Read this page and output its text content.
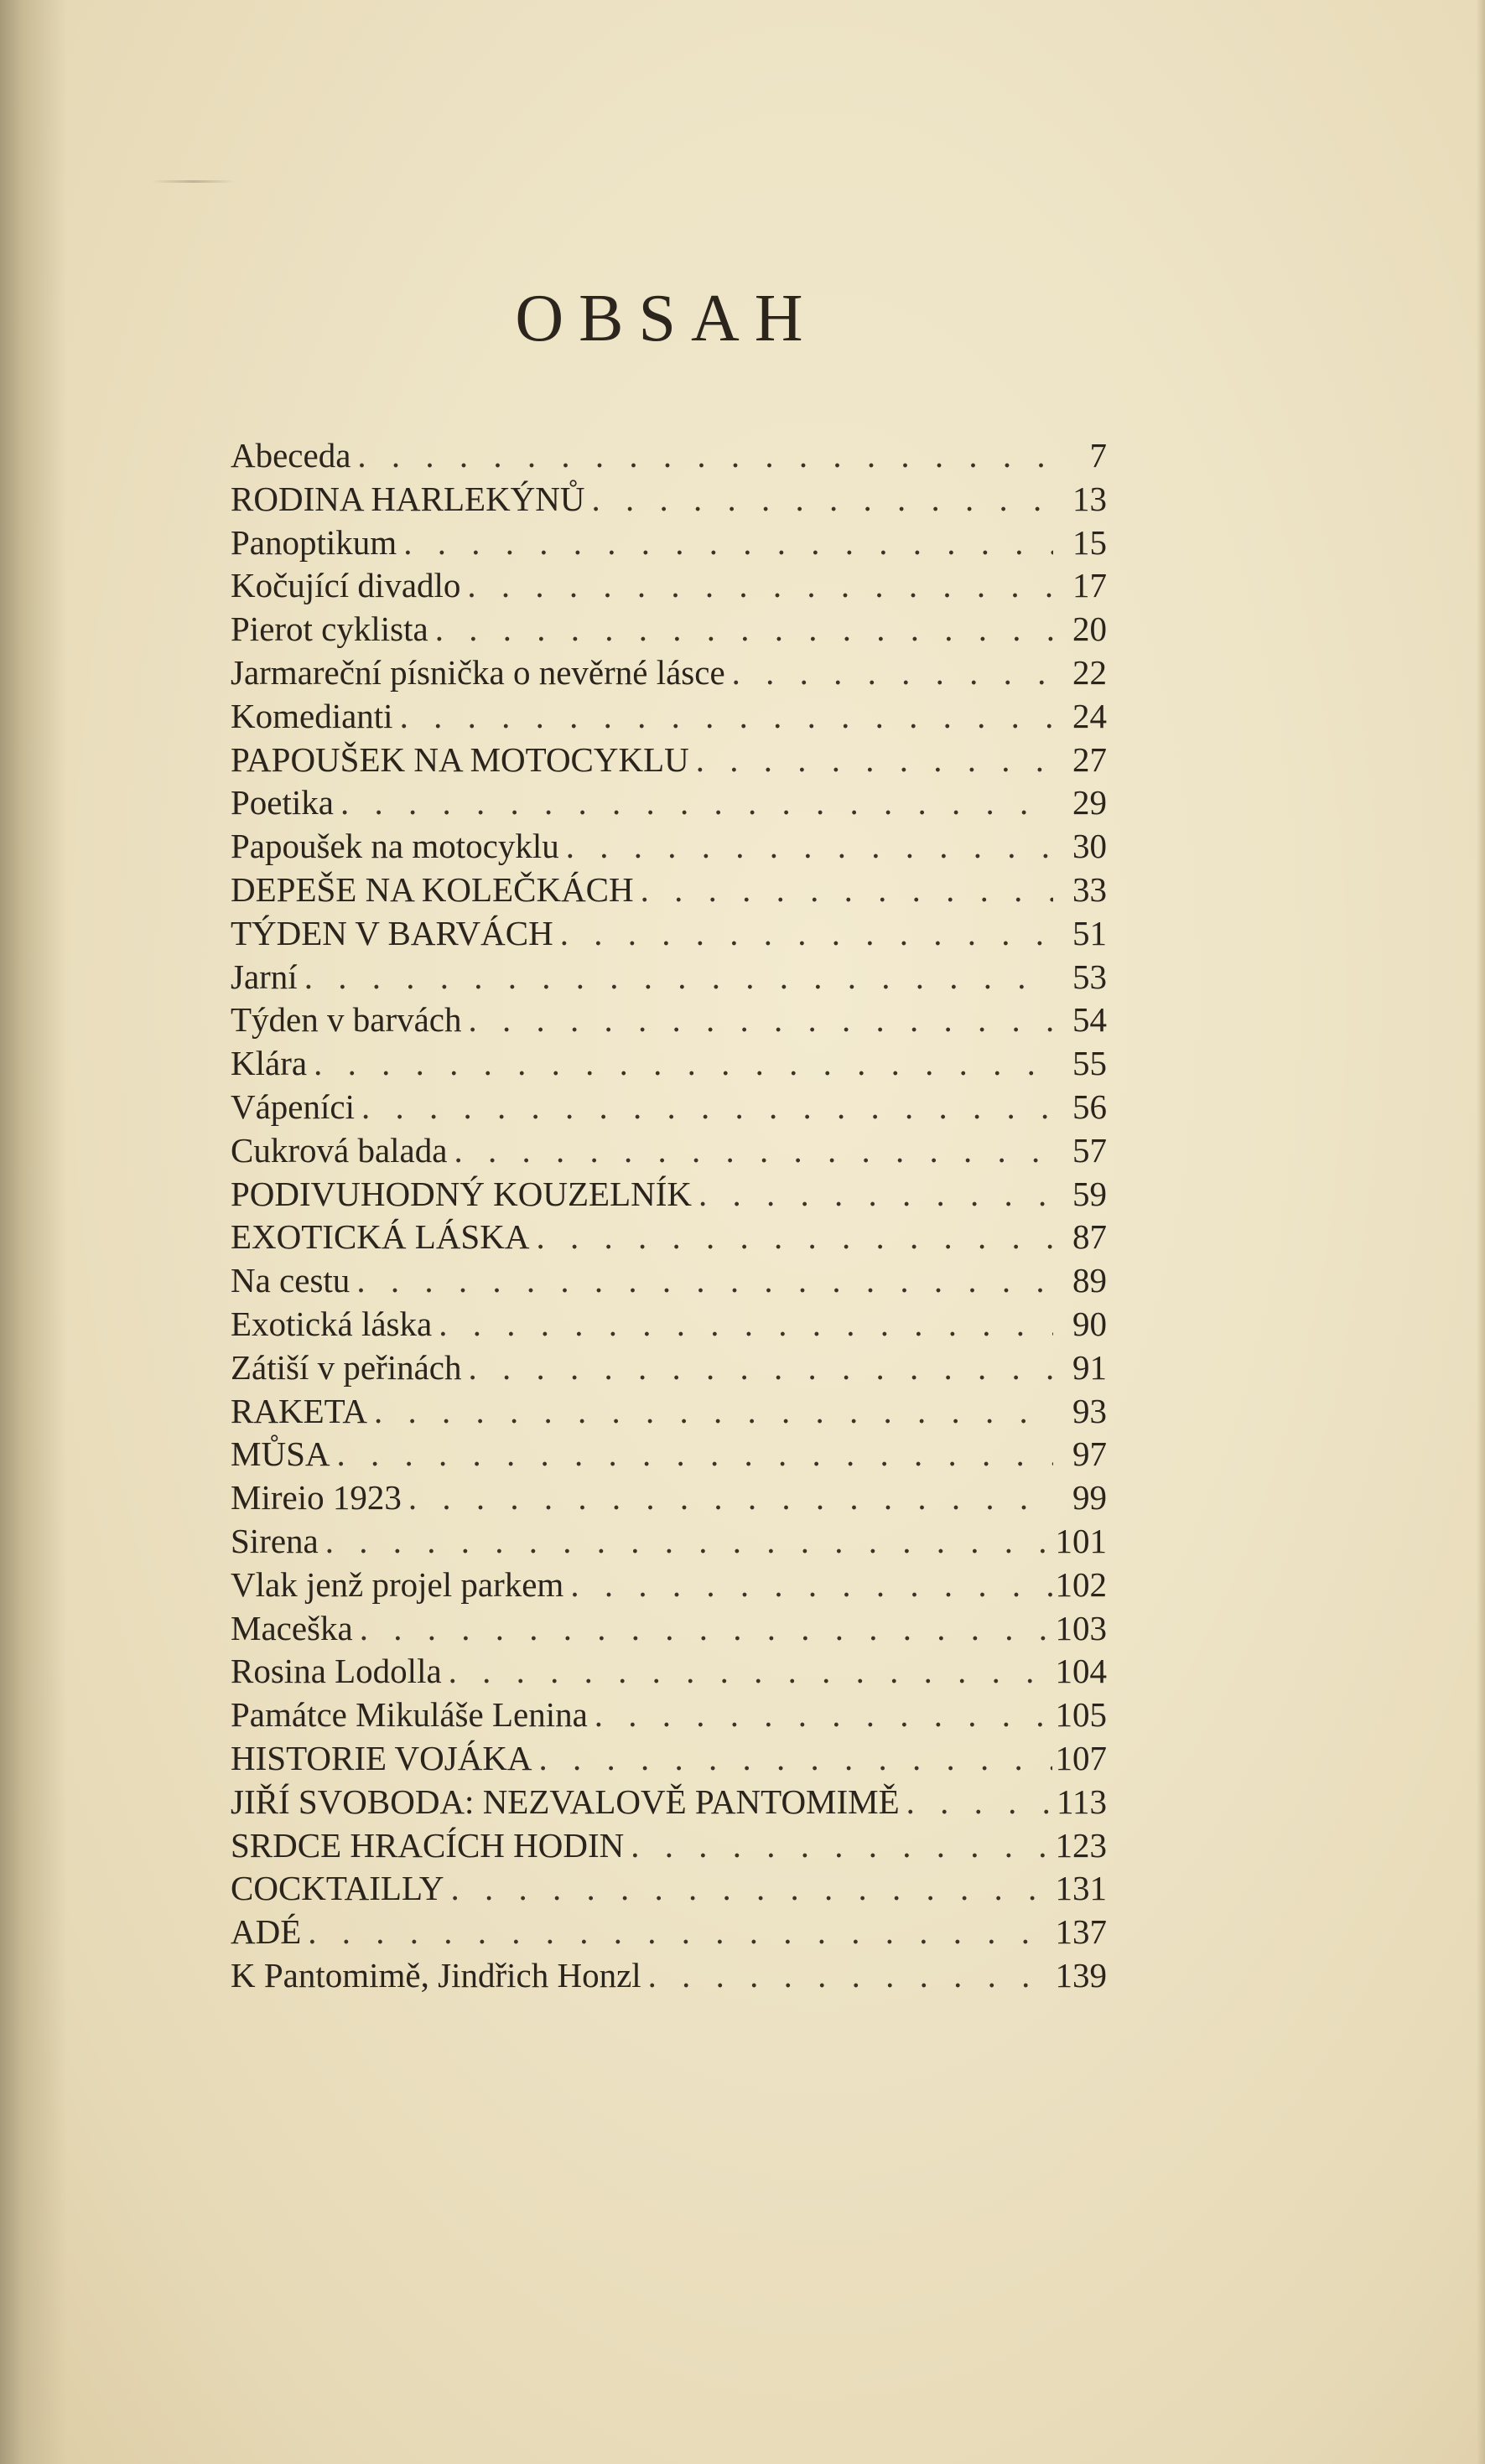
OBSAH
Abeceda . . .	7
RODINA HARLEKÝNŮ . . .	13
Panoptikum . . .	15
Kočující divadlo . . .	17
Pierot cyklista . . .	20
Jarmareční písnička o nevěrné lásce . . .	22
Komedianti . . .	24
PAPOUŠEK NA MOTOCYKLU . . .	27
Poetika . . .	29
Papoušek na motocyklu . . .	30
DEPEŠE NA KOLEČKÁCH . . .	33
TÝDEN V BARVÁCH . . .	51
Jarní . . .	53
Týden v barvách . . .	54
Klára . . .	55
Vápeníci . . .	56
Cukrová balada . . .	57
PODIVUHODNÝ KOUZELNÍK . . .	59
EXOTICKÁ LÁSKA . . .	87
Na cestu . . .	89
Exotická láska . . .	90
Zátiší v peřinách . . .	91
RAKETA . . .	93
MŮSA . . .	97
Mireio 1923 . . .	99
Sirena . . .	101
Vlak jenž projel parkem . . .	102
Maceška . . .	103
Rosina Lodolla . . .	104
Památce Mikuláše Lenina . . .	105
HISTORIE VOJÁKA . . .	107
JIŘÍ SVOBODA: NEZVALOVĚ PANTOMIMĚ . . .	113
SRDCE HRACÍCH HODIN . . .	123
COCKTAILLY . . .	131
ADÉ . . .	137
K Pantomimě, Jindřich Honzl . . .	139
